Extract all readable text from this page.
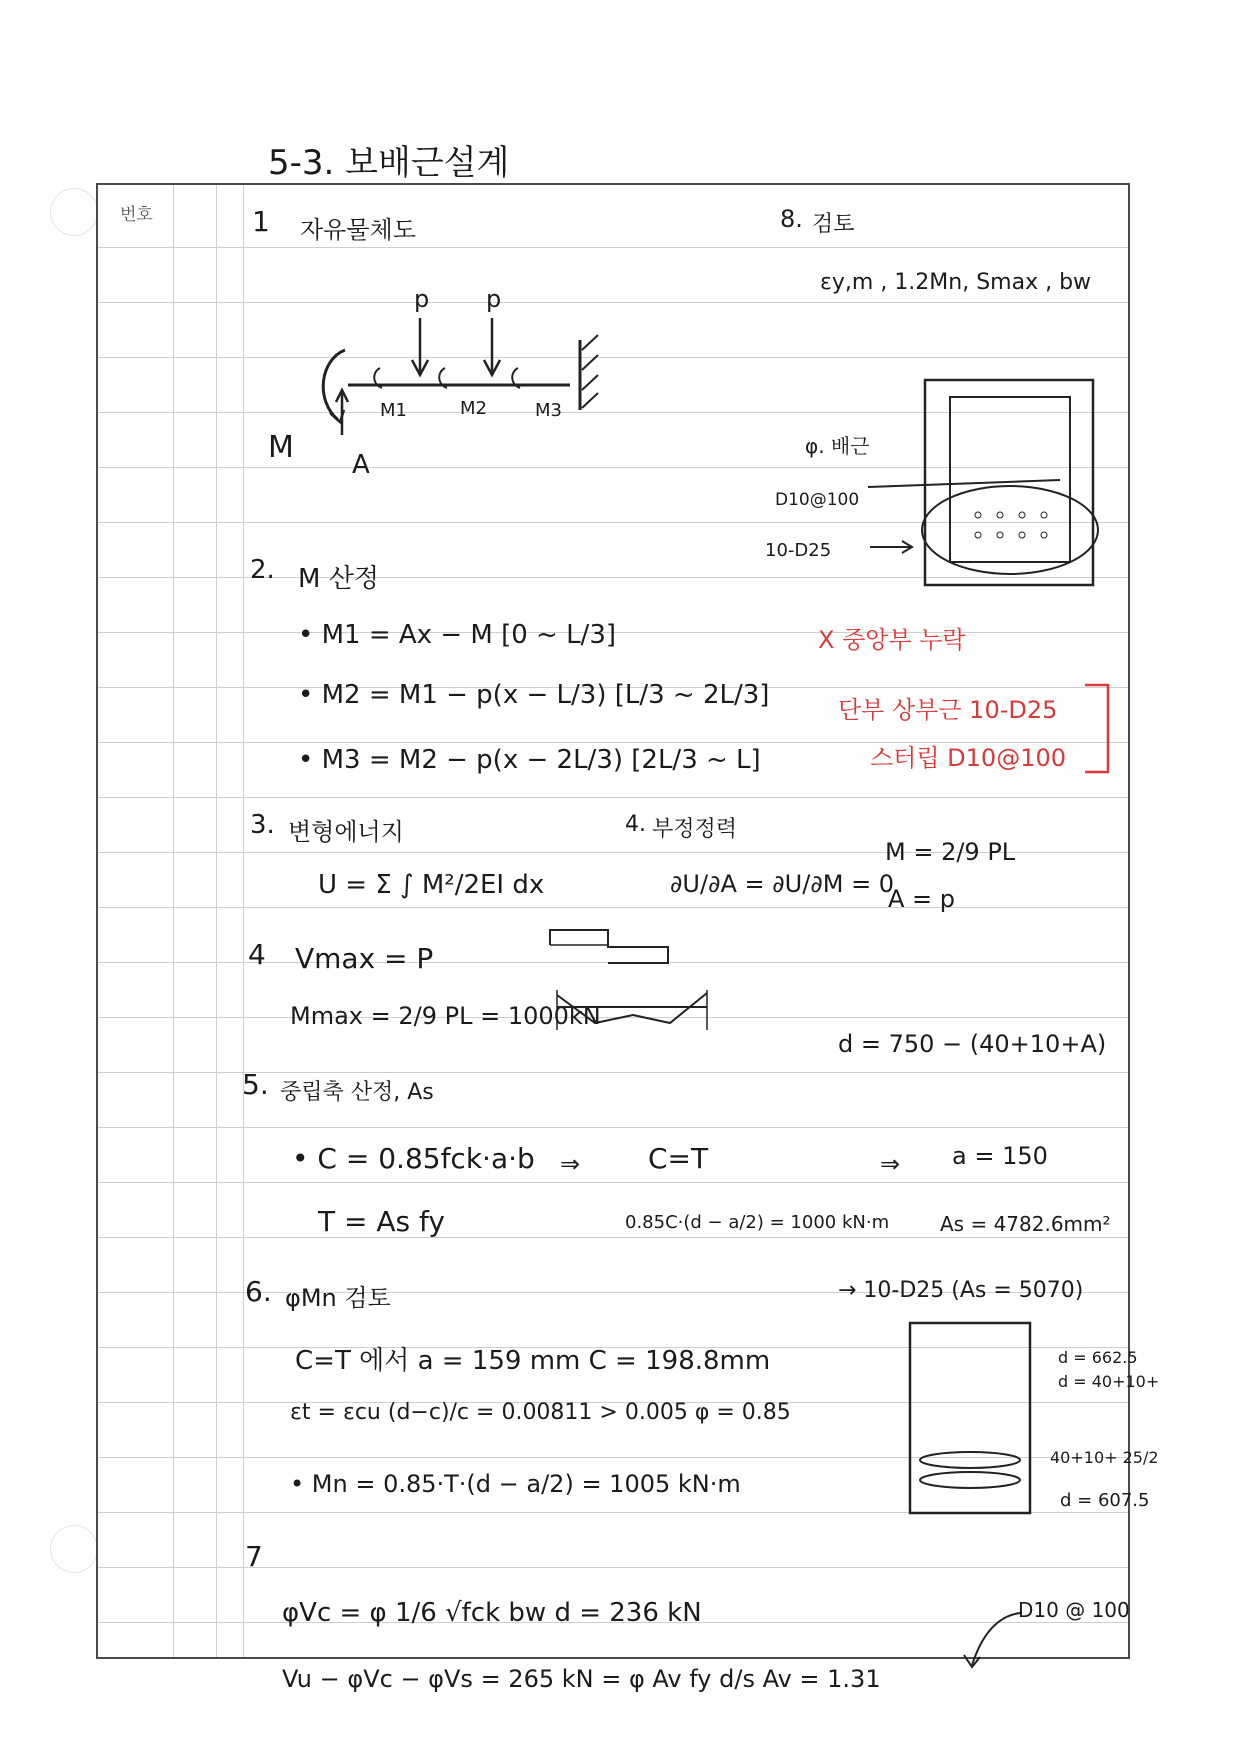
5-3. 보배근설계
번호	1 자유물체도	8. 검토
εy,m , 1.2Mn, Smax , bw
p p
M A
M1	M2	M3
φ. 배근
D10@100
10-D25
2. M 산정
• M1 = Ax − M [0 ~ L/3]
• M2 = M1 − p(x − L/3) [L/3 ~ 2L/3]
• M3 = M2 − p(x − 2L/3) [2L/3 ~ L]
X 중앙부 누락
단부 상부근 10-D25
스터립 D10@100
3. 변형에너지
U = Σ ∫ M²/2EI dx
4. 부정정력
∂U/∂A = ∂U/∂M = 0
M = 2/9 PL
A = p
4 Vmax = P
Mmax = 2/9 PL = 1000kN
d = 750 − (40+10+A)
5. 중립축 산정, As
• C = 0.85fck·a·b
T = As fy
C=T
0.85C·(d − a/2) = 1000 kN·m
a = 150
As = 4782.6mm²
⇒	⇒
6. φMn 검토	→ 10-D25 (As = 5070)
C=T 에서 a = 159 mm C = 198.8mm
εt = εcu (d−c)/c = 0.00811 > 0.005 φ = 0.85
• Mn = 0.85·T·(d − a/2) = 1005 kN·m
d = 662.5
d = 40+10+
40+10+ 25/2
d = 607.5
7
φVc = φ 1/6 √fck bw d = 236 kN
Vu − φVc − φVs = 265 kN = φ Av fy d/s Av = 1.31
D10 @ 100
